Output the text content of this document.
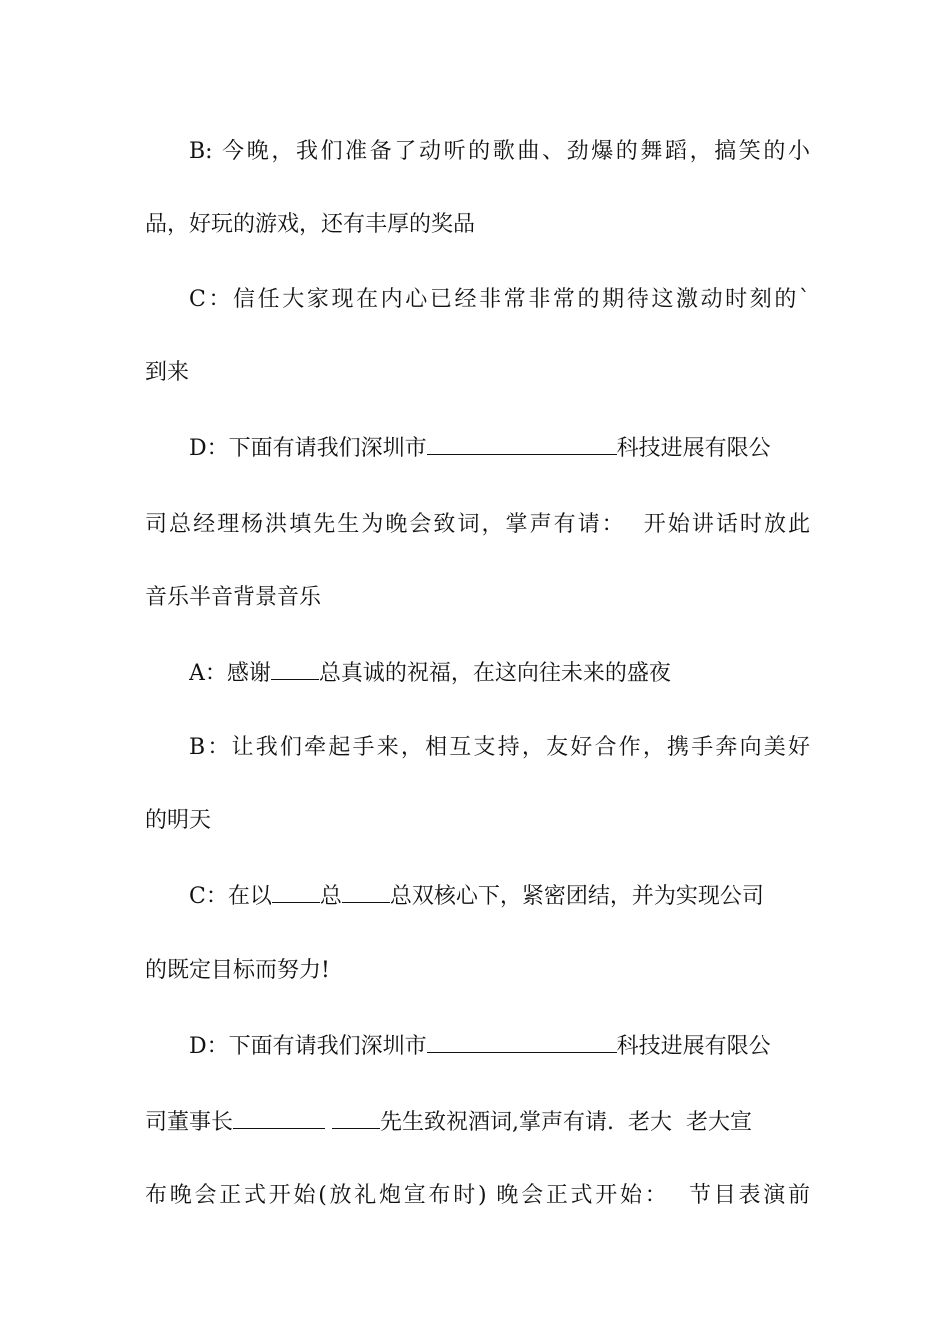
B: 今晚，我们准备了动听的歌曲、劲爆的舞蹈，搞笑的小
品，好玩的游戏，还有丰厚的奖品
C：信任大家现在内心已经非常非常的期待这激动时刻的`
到来
D：下面有请我们深圳市	科技进展有限公
司总经理杨洪填先生为晚会致词，掌声有请：  开始讲话时放此
音乐半音背景音乐
A：感谢 总真诚的祝福，在这向往未来的盛夜
B：让我们牵起手来，相互支持，友好合作，携手奔向美好
的明天
C：在以 总 总双核心下，紧密团结，并为实现公司
的既定目标而努力!
D：下面有请我们深圳市	科技进展有限公
司董事长	先生致祝酒词,掌声有请.  老大  老大宣
布晚会正式开始(放礼炮宣布时) 晚会正式开始：  节目表演前
